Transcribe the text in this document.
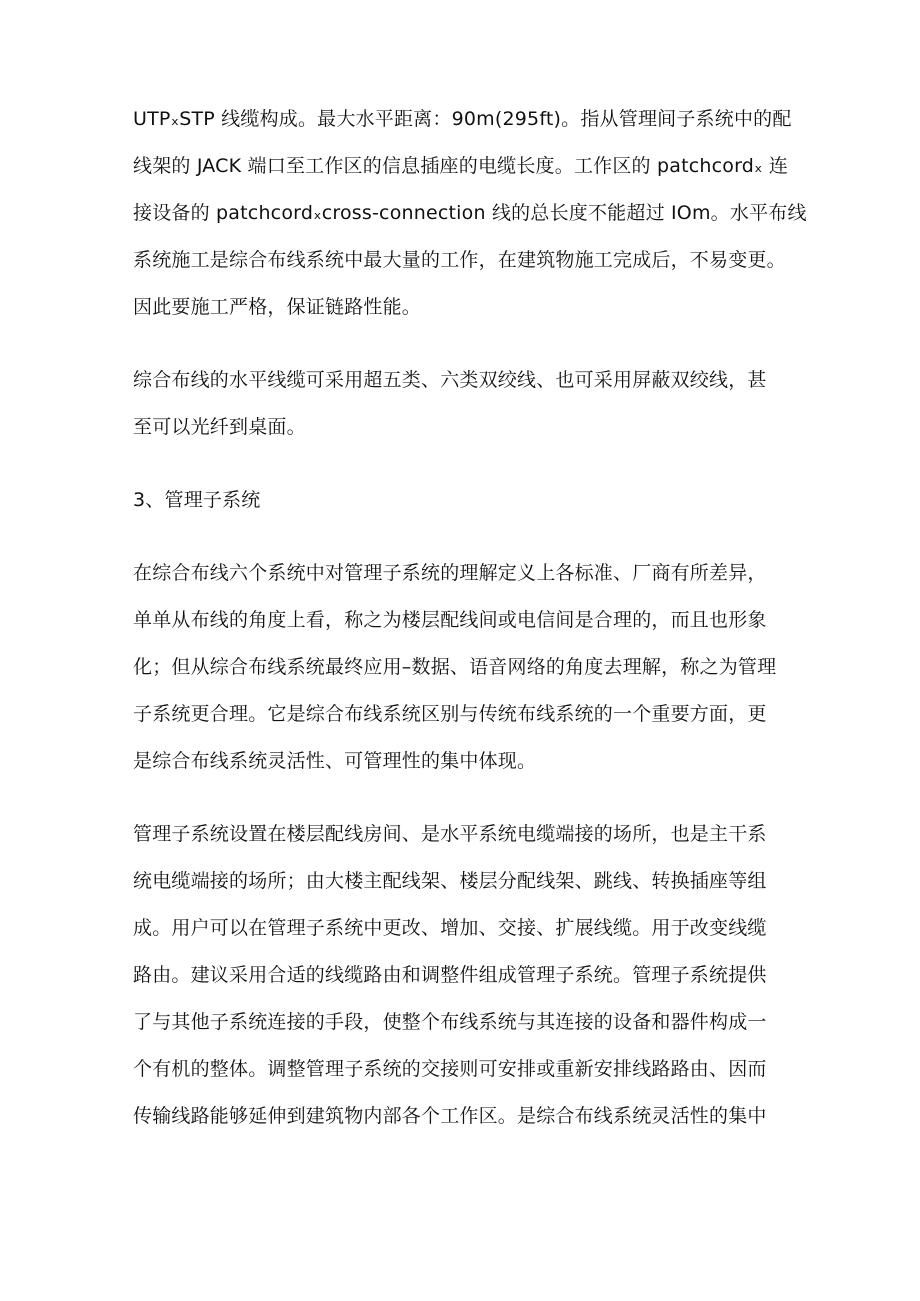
UTPₓSTP 线缆构成。最大水平距离：90m(295ft)。指从管理间子系统中的配
线架的 JACK 端口至工作区的信息插座的电缆长度。工作区的 patchcordₓ 连
接设备的 patchcordₓcross-connection 线的总长度不能超过 IOm。水平布线
系统施工是综合布线系统中最大量的工作，在建筑物施工完成后，不易变更。
因此要施工严格，保证链路性能。

综合布线的水平线缆可采用超五类、六类双绞线、也可采用屏蔽双绞线，甚
至可以光纤到桌面。

3、管理子系统

在综合布线六个系统中对管理子系统的理解定义上各标准、厂商有所差异，
单单从布线的角度上看，称之为楼层配线间或电信间是合理的，而且也形象
化；但从综合布线系统最终应用–数据、语音网络的角度去理解，称之为管理
子系统更合理。它是综合布线系统区别与传统布线系统的一个重要方面，更
是综合布线系统灵活性、可管理性的集中体现。

管理子系统设置在楼层配线房间、是水平系统电缆端接的场所，也是主干系
统电缆端接的场所；由大楼主配线架、楼层分配线架、跳线、转换插座等组
成。用户可以在管理子系统中更改、增加、交接、扩展线缆。用于改变线缆
路由。建议采用合适的线缆路由和调整件组成管理子系统。管理子系统提供
了与其他子系统连接的手段，使整个布线系统与其连接的设备和器件构成一
个有机的整体。调整管理子系统的交接则可安排或重新安排线路路由、因而
传输线路能够延伸到建筑物内部各个工作区。是综合布线系统灵活性的集中
